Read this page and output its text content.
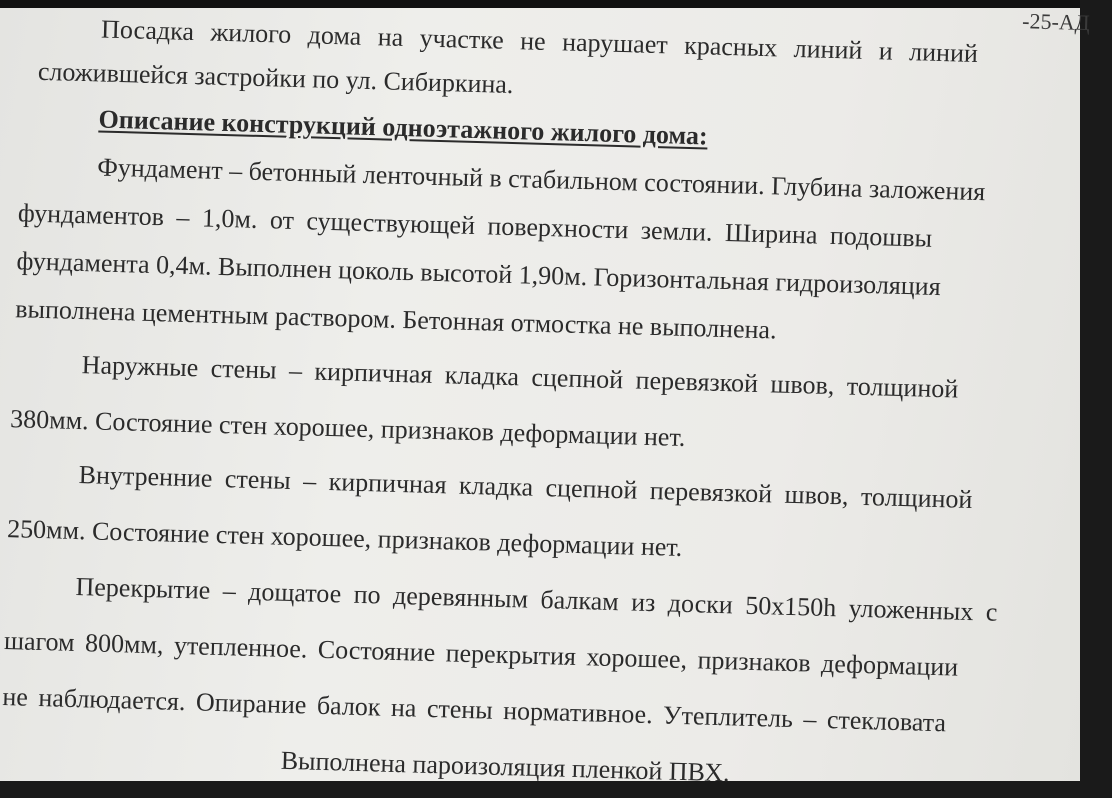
-25-АД
Посадка жилого дома на участке не нарушает красных линий и линий
сложившейся застройки по ул. Сибиркина.
Описание конструкций одноэтажного жилого дома:
Фундамент – бетонный ленточный в стабильном состоянии. Глубина заложения
фундаментов – 1,0м. от существующей поверхности земли. Ширина подошвы
фундамента 0,4м. Выполнен цоколь высотой 1,90м. Горизонтальная гидроизоляция
выполнена цементным раствором. Бетонная отмостка не выполнена.
Наружные стены – кирпичная кладка сцепной перевязкой швов, толщиной
380мм. Состояние стен хорошее, признаков деформации нет.
Внутренние стены – кирпичная кладка сцепной перевязкой швов, толщиной
250мм. Состояние стен хорошее, признаков деформации нет.
Перекрытие – дощатое по деревянным балкам из доски 50х150h уложенных с
шагом 800мм, утепленное. Состояние перекрытия хорошее, признаков деформации
не наблюдается. Опирание балок на стены нормативное. Утеплитель – стекловата
Выполнена пароизоляция пленкой ПВХ.
